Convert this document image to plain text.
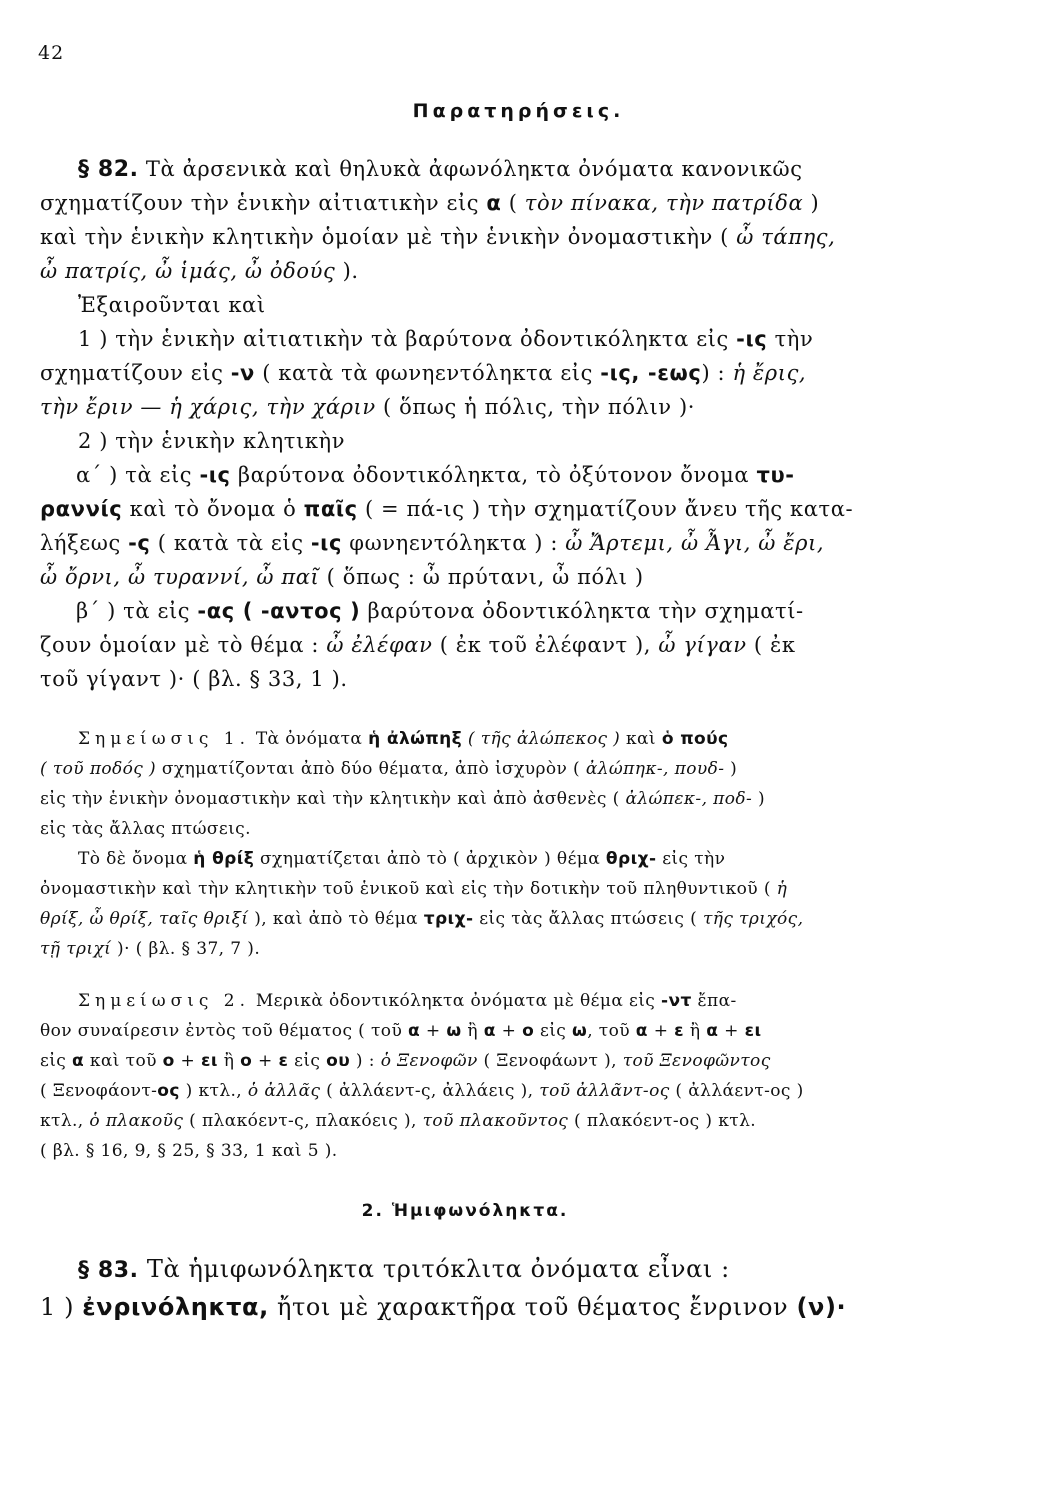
42
Παρατηρήσεις.
§ 82. Τὰ ἀρσενικὰ καὶ θηλυκὰ ἀφωνόληκτα ὀνόματα κανονικῶς
σχηματίζουν τὴν ἑνικὴν αἰτιατικὴν εἰς α ( τὸν πίνακα, τὴν πατρίδα )
καὶ τὴν ἑνικὴν κλητικὴν ὁμοίαν μὲ τὴν ἑνικὴν ὀνομαστικὴν ( ὦ τάπης,
ὦ πατρίς, ὦ ἱμάς, ὦ ὀδούς ).
Ἐξαιροῦνται καὶ
1 ) τὴν ἑνικὴν αἰτιατικὴν τὰ βαρύτονα ὀδοντικόληκτα εἰς -ις τὴν
σχηματίζουν εἰς -ν ( κατὰ τὰ φωνηεντόληκτα εἰς -ις, -εως) : ἡ ἔρις,
τὴν ἔριν — ἡ χάρις, τὴν χάριν ( ὅπως ἡ πόλις, τὴν πόλιν )·
2 ) τὴν ἑνικὴν κλητικὴν
α΄ ) τὰ εἰς -ις βαρύτονα ὀδοντικόληκτα, τὸ ὀξύτονον ὄνομα τυ-
ραννίς καὶ τὸ ὄνομα ὁ παῖς ( = πά-ις ) τὴν σχηματίζουν ἄνευ τῆς κατα-
λήξεως -ς ( κατὰ τὰ εἰς -ις φωνηεντόληκτα ) : ὦ Ἄρτεμι, ὦ Ἆγι, ὦ ἔρι,
ὦ ὄρνι, ὦ τυραννί, ὦ παῖ ( ὅπως : ὦ πρύτανι, ὦ πόλι )
β΄ ) τὰ εἰς -ας ( -αντος ) βαρύτονα ὀδοντικόληκτα τὴν σχηματί-
ζουν ὁμοίαν μὲ τὸ θέμα : ὦ ἐλέφαν ( ἐκ τοῦ ἐλέφαντ ), ὦ γίγαν ( ἐκ
τοῦ γίγαντ )· ( βλ. § 33, 1 ).
Σημείωσις 1. Τὰ ὀνόματα ἡ ἀλώπηξ ( τῆς ἀλώπεκος ) καὶ ὁ πούς
( τοῦ ποδός ) σχηματίζονται ἀπὸ δύο θέματα, ἀπὸ ἰσχυρὸν ( ἀλώπηκ-, πουδ- )
εἰς τὴν ἑνικὴν ὀνομαστικὴν καὶ τὴν κλητικὴν καὶ ἀπὸ ἀσθενὲς ( ἀλώπεκ-, ποδ- )
εἰς τὰς ἄλλας πτώσεις.
Τὸ δὲ ὄνομα ἡ θρίξ σχηματίζεται ἀπὸ τὸ ( ἀρχικὸν ) θέμα θριχ- εἰς τὴν
ὀνομαστικὴν καὶ τὴν κλητικὴν τοῦ ἑνικοῦ καὶ εἰς τὴν δοτικὴν τοῦ πληθυντικοῦ ( ἡ
θρίξ, ὦ θρίξ, ταῖς θριξί ), καὶ ἀπὸ τὸ θέμα τριχ- εἰς τὰς ἄλλας πτώσεις ( τῆς τριχός,
τῇ τριχί )· ( βλ. § 37, 7 ).
Σημείωσις 2. Μερικὰ ὀδοντικόληκτα ὀνόματα μὲ θέμα εἰς -ντ ἔπα-
θον συναίρεσιν ἐντὸς τοῦ θέματος ( τοῦ α + ω ἢ α + ο εἰς ω, τοῦ α + ε ἢ α + ει
εἰς α καὶ τοῦ ο + ει ἢ ο + ε εἰς ου ) : ὁ Ξενοφῶν ( Ξενοφάωντ ), τοῦ Ξενοφῶντος
( Ξενοφάοντ-ος ) κτλ., ὁ ἀλλᾶς ( ἀλλάεντ-ς, ἀλλάεις ), τοῦ ἀλλᾶντ-ος ( ἀλλάεντ-ος )
κτλ., ὁ πλακοῦς ( πλακόεντ-ς, πλακόεις ), τοῦ πλακοῦντος ( πλακόεντ-ος ) κτλ.
( βλ. § 16, 9, § 25, § 33, 1 καὶ 5 ).
2. Ἡμιφωνόληκτα.
§ 83. Τὰ ἡμιφωνόληκτα τριτόκλιτα ὀνόματα εἶναι :
1 ) ἐνρινόληκτα, ἤτοι μὲ χαρακτῆρα τοῦ θέματος ἔνρινον (ν)·
